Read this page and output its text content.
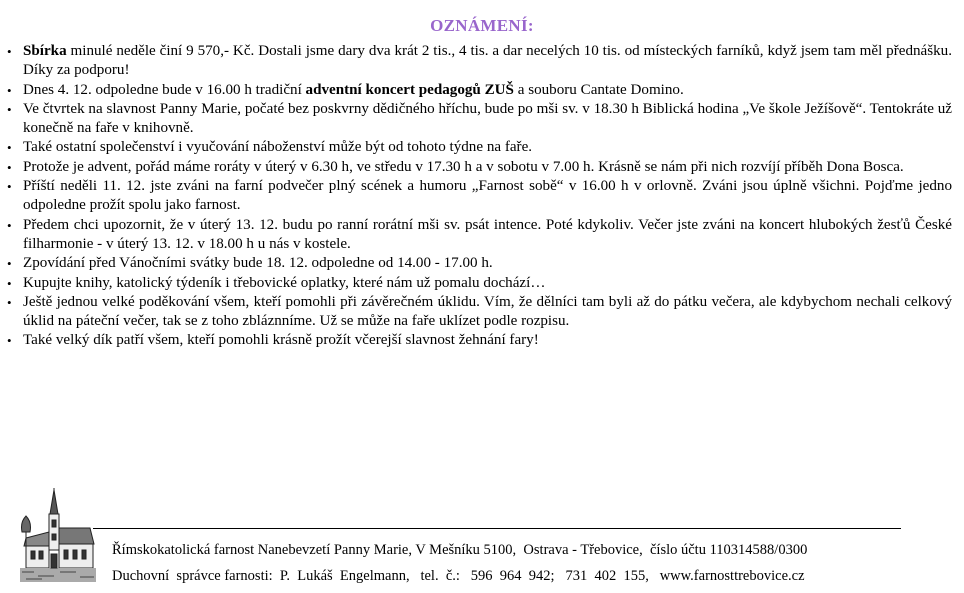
OZNÁMENÍ:
• Sbírka minulé neděle činí 9 570,- Kč. Dostali jsme dary dva krát 2 tis., 4 tis. a dar necelých 10 tis. od místeckých farníků, když jsem tam měl přednášku. Díky za podporu!
• Dnes 4. 12. odpoledne bude v 16.00 h tradiční adventní koncert pedagogů ZUŠ a souboru Cantate Domino.
• Ve čtvrtek na slavnost Panny Marie, počaté bez poskvrny dědičného hříchu, bude po mši sv. v 18.30 h Biblická hodina „Ve škole Ježíšově“. Tentokráte už konečně na faře v knihovně.
• Také ostatní společenství i vyučování náboženství může být od tohoto týdne na faře.
• Protože je advent, pořád máme roráty v úterý v 6.30 h, ve středu v 17.30 h a v sobotu v 7.00 h. Krásně se nám při nich rozvíjí příběh Dona Bosca.
• Příští neděli 11. 12. jste zváni na farní podvečer plný scének a humoru „Farnost sobě“ v 16.00 h v orlovně. Zváni jsou úplně všichni. Pojďme jedno odpoledne prožít spolu jako farnost.
• Předem chci upozornit, že v úterý 13. 12. budu po ranní rorátní mši sv. psát intence. Poté kdykoliv. Večer jste zváni na koncert hlubokých žesťů České filharmonie - v úterý 13. 12. v 18.00 h u nás v kostele.
• Zpovídání před Vánočními svátky bude 18. 12. odpoledne od 14.00 - 17.00 h.
• Kupujte knihy, katolický týdeník i třebovické oplatky, které nám už pomalu dochází…
• Ještě jednou velké poděkování všem, kteří pomohli při závěrečném úklidu. Vím, že dělníci tam byli až do pátku večera, ale kdybychom nechali celkový úklid na páteční večer, tak se z toho zbláznníme. Už se může na faře uklízet podle rozpisu.
• Také velký dík patří všem, kteří pomohli krásně prožít včerejší slavnost žehnání fary!
Římskokatolická farnost Nanebevzetí Panny Marie, V Mešníku 5100,  Ostrava - Třebovice,  číslo účtu 110314588/0300
Duchovní  správce farnosti:  P.  Lukáš  Engelmann,   tel.  č.:   596  964  942;   731  402  155,   www.farnosttrebovice.cz
